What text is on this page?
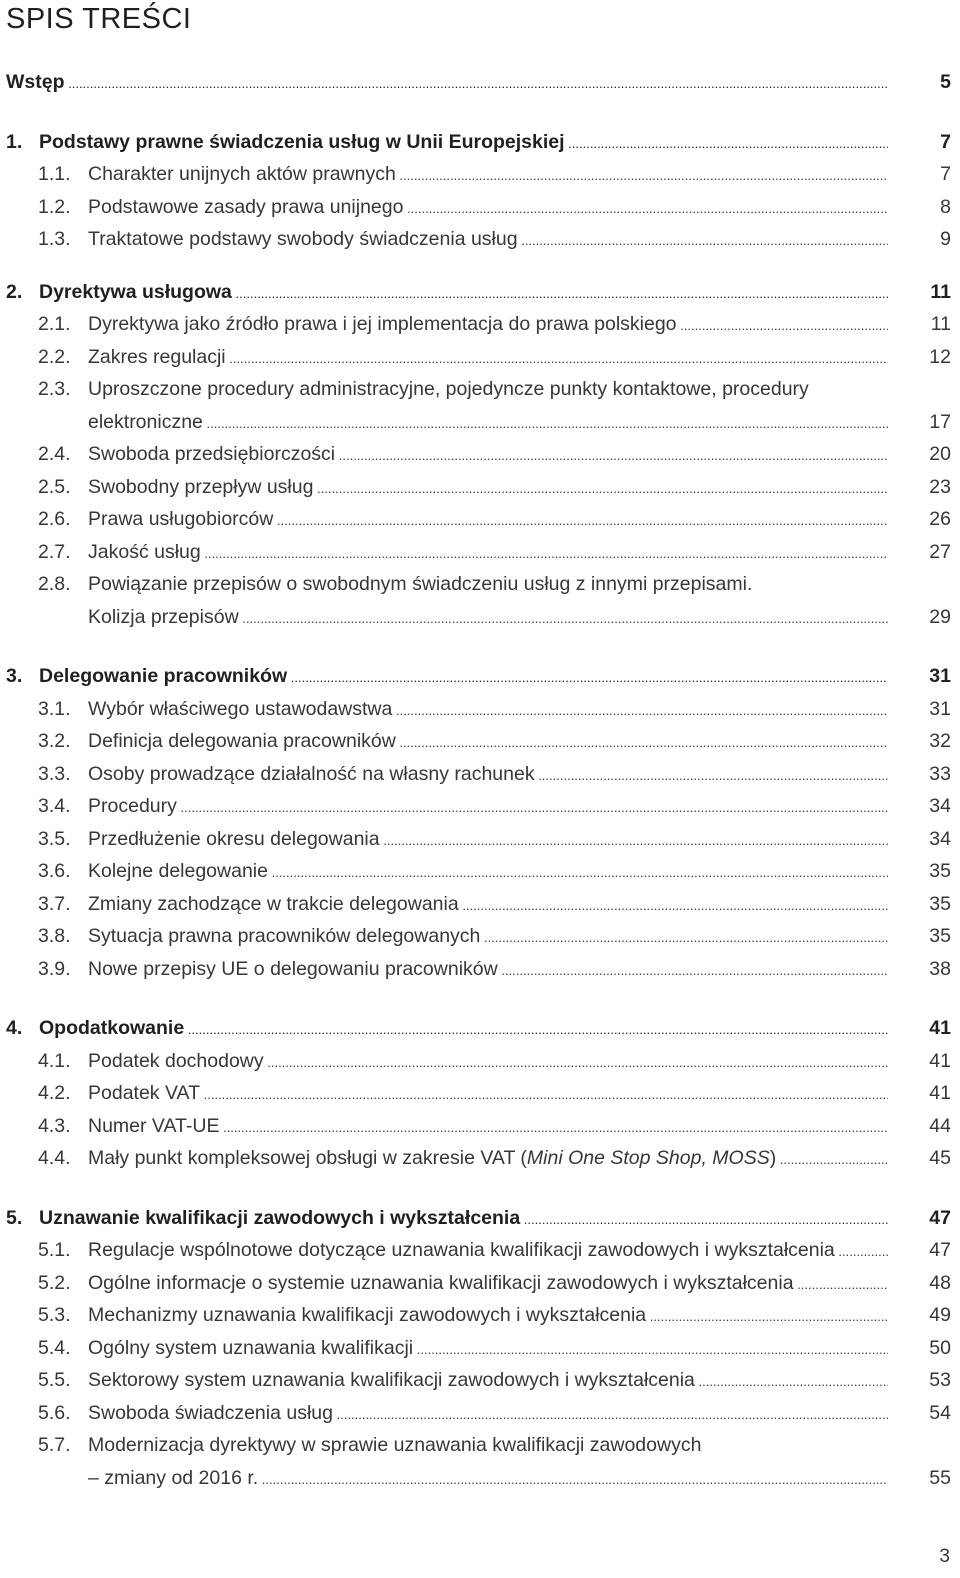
SPIS TREŚCI
Wstęp .....	5
1. Podstawy prawne świadczenia usług w Unii Europejskiej .....	7
1.1. Charakter unijnych aktów prawnych .....	7
1.2. Podstawowe zasady prawa unijnego .....	8
1.3. Traktatowe podstawy swobody świadczenia usług .....	9
2. Dyrektywa usługowa .....	11
2.1. Dyrektywa jako źródło prawa i jej implementacja do prawa polskiego .....	11
2.2. Zakres regulacji .....	12
2.3. Uproszczone procedury administracyjne, pojedyncze punkty kontaktowe, procedury
elektroniczne .....	17
2.4. Swoboda przedsiębiorczości .....	20
2.5. Swobodny przepływ usług .....	23
2.6. Prawa usługobiorców .....	26
2.7. Jakość usług .....	27
2.8. Powiązanie przepisów o swobodnym świadczeniu usług z innymi przepisami.
Kolizja przepisów .....	29
3. Delegowanie pracowników .....	31
3.1. Wybór właściwego ustawodawstwa .....	31
3.2. Definicja delegowania pracowników .....	32
3.3. Osoby prowadzące działalność na własny rachunek .....	33
3.4. Procedury .....	34
3.5. Przedłużenie okresu delegowania .....	34
3.6. Kolejne delegowanie .....	35
3.7. Zmiany zachodzące w trakcie delegowania .....	35
3.8. Sytuacja prawna pracowników delegowanych .....	35
3.9. Nowe przepisy UE o delegowaniu pracowników .....	38
4. Opodatkowanie .....	41
4.1. Podatek dochodowy .....	41
4.2. Podatek VAT .....	41
4.3. Numer VAT-UE .....	44
4.4. Mały punkt kompleksowej obsługi w zakresie VAT (Mini One Stop Shop, MOSS) .....	45
5. Uznawanie kwalifikacji zawodowych i wykształcenia .....	47
5.1. Regulacje wspólnotowe dotyczące uznawania kwalifikacji zawodowych i wykształcenia .....	47
5.2. Ogólne informacje o systemie uznawania kwalifikacji zawodowych i wykształcenia .....	48
5.3. Mechanizmy uznawania kwalifikacji zawodowych i wykształcenia .....	49
5.4. Ogólny system uznawania kwalifikacji .....	50
5.5. Sektorowy system uznawania kwalifikacji zawodowych i wykształcenia .....	53
5.6. Swoboda świadczenia usług .....	54
5.7. Modernizacja dyrektywy w sprawie uznawania kwalifikacji zawodowych
– zmiany od 2016 r. .....	55
3
